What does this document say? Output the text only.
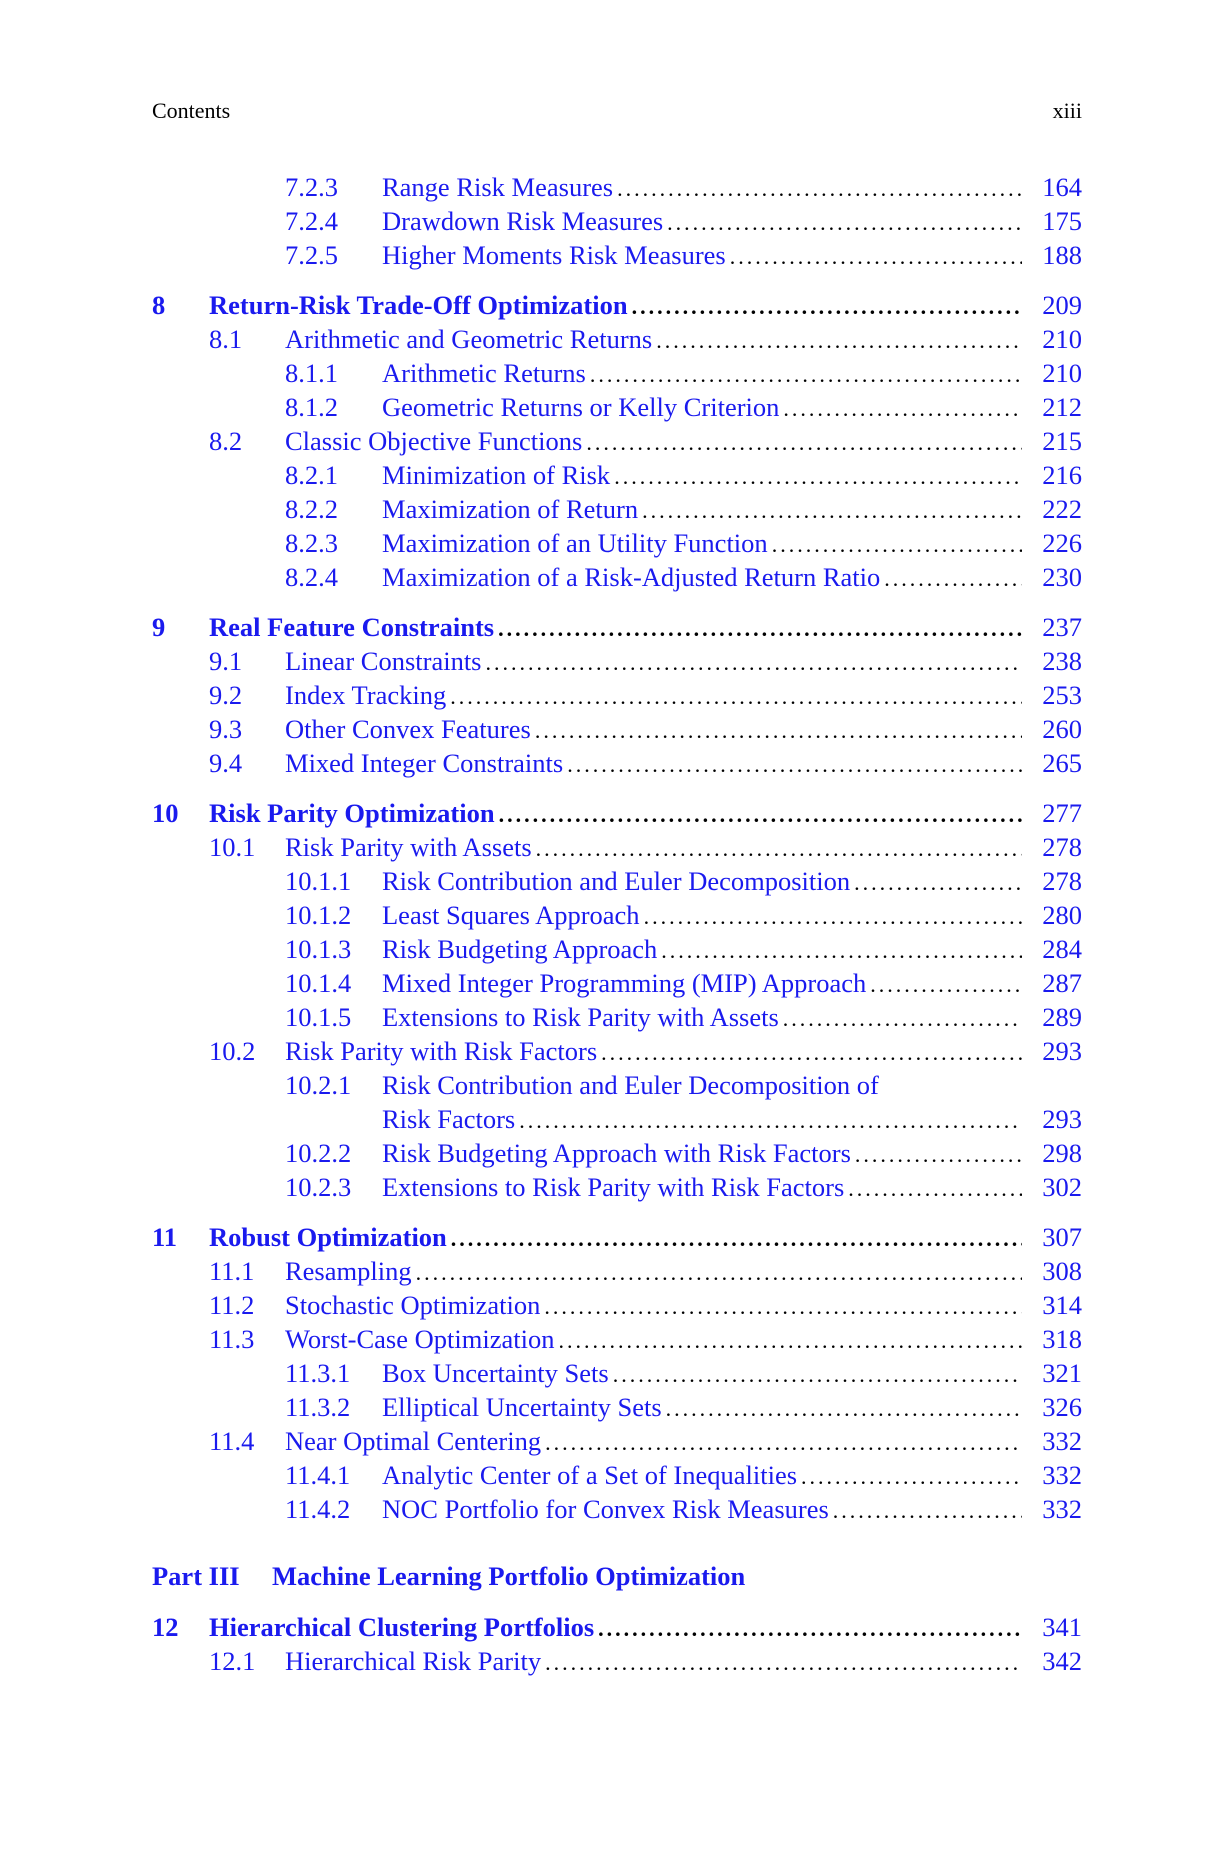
Contents	xiii
7.2.3 Range Risk Measures .....	164
7.2.4 Drawdown Risk Measures .....	175
7.2.5 Higher Moments Risk Measures .....	188
8 Return-Risk Trade-Off Optimization .....	209
8.1 Arithmetic and Geometric Returns .....	210
8.1.1 Arithmetic Returns .....	210
8.1.2 Geometric Returns or Kelly Criterion .....	212
8.2 Classic Objective Functions .....	215
8.2.1 Minimization of Risk .....	216
8.2.2 Maximization of Return .....	222
8.2.3 Maximization of an Utility Function .....	226
8.2.4 Maximization of a Risk-Adjusted Return Ratio .....	230
9 Real Feature Constraints .....	237
9.1 Linear Constraints .....	238
9.2 Index Tracking .....	253
9.3 Other Convex Features .....	260
9.4 Mixed Integer Constraints .....	265
10 Risk Parity Optimization .....	277
10.1 Risk Parity with Assets .....	278
10.1.1 Risk Contribution and Euler Decomposition .....	278
10.1.2 Least Squares Approach .....	280
10.1.3 Risk Budgeting Approach .....	284
10.1.4 Mixed Integer Programming (MIP) Approach .....	287
10.1.5 Extensions to Risk Parity with Assets .....	289
10.2 Risk Parity with Risk Factors .....	293
10.2.1 Risk Contribution and Euler Decomposition of
Risk Factors .....	293
10.2.2 Risk Budgeting Approach with Risk Factors .....	298
10.2.3 Extensions to Risk Parity with Risk Factors .....	302
11 Robust Optimization .....	307
11.1 Resampling .....	308
11.2 Stochastic Optimization .....	314
11.3 Worst-Case Optimization .....	318
11.3.1 Box Uncertainty Sets .....	321
11.3.2 Elliptical Uncertainty Sets .....	326
11.4 Near Optimal Centering .....	332
11.4.1 Analytic Center of a Set of Inequalities .....	332
11.4.2 NOC Portfolio for Convex Risk Measures .....	332
Part III Machine Learning Portfolio Optimization
12 Hierarchical Clustering Portfolios .....	341
12.1 Hierarchical Risk Parity .....	342
